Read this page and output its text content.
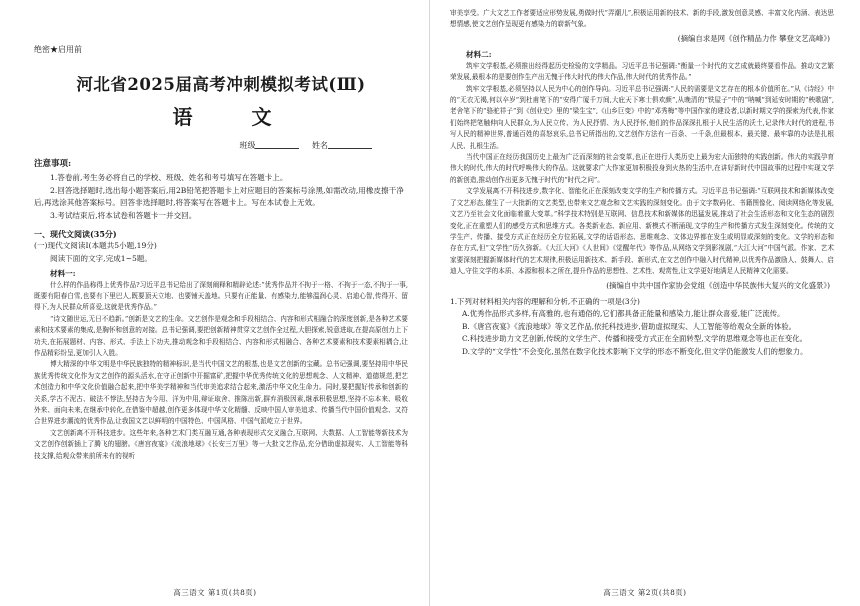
绝密★启用前

河北省2025届高考冲刺模拟考试(Ⅲ)

语 文

班级	姓名

注意事项:

1.答卷前,考生务必将自己的学校、班级、姓名和考号填写在答题卡上。

2.回答选择题时,选出每小题答案后,用2B铅笔把答题卡上对应题目的答案标号涂黑,如需改动,用橡皮擦干净后,再选涂其他答案标号。回答非选择题时,将答案写在答题卡上。写在本试卷上无效。

3.考试结束后,将本试卷和答题卡一并交回。

一、现代文阅读(35分)

(一)现代文阅读Ⅰ(本题共5小题,19分)

阅读下面的文字,完成1~5题。

材料一:

什么样的作品称得上优秀作品?习近平总书记给出了深刻阐释和精辟论述:“优秀作品并不拘于一格、不拘于一态,不拘于一事,既要有阳春白雪,也要有下里巴人,既要顶天立地、也要铺天盖地。只要有正能量、有感染力,能够温润心灵、启迪心智,传得开、留得下,为人民群众所喜爱,这就是优秀作品。”

“诗文随世运,无日不趋新。”创新是文艺的生命。文艺创作是观念和手段相结合、内容和形式相融合的深度创新,是各种艺术要素和技术要素的集成,是胸怀和创意的对接。总书记强调,要把创新精神贯穿文艺创作全过程,大胆探索,锐意进取,在提高原创力上下功夫,在拓展题材、内容、形式、手法上下功夫,推动观念和手段相结合、内容和形式相融合、各种艺术要素和技术要素相耦合,让作品精彩纷呈,更加引人入胜。

博大精深的中华文明是中华民族独特的精神标识,是当代中国文艺的根基,也是文艺创新的宝藏。总书记强调,要坚持用中华民族优秀传统文化作为文艺创作的源头活水,在守正创新中开掘富矿,把握中华优秀传统文化的思想观念、人文精神、道德规范,把艺术创造力和中华文化价值融合起来,把中华美学精神和当代审美追求结合起来,激活中华文化生命力。同时,要把握好传承和创新的关系,学古不泥古、破法不悖法,坚持古为今用、洋为中用,辩证取舍、推陈出新,摒弃消极因素,继承积极思想,坚持不忘本来、吸收外来、面向未来,在继承中转化,在借鉴中超越,创作更多体现中华文化精髓、反映中国人审美追求、传播当代中国价值观念、又符合世界进步潮流的优秀作品,让我国文艺以鲜明的中国特色、中国风格、中国气派屹立于世界。

文艺创新离不开科技进步。这些年来,各种艺术门类互融互通,各种表现形式交叉融合,互联网、大数据、人工智能等新技术为文艺创作创新插上了腾飞的翅膀。《唐宫夜宴》《流浪地球》《长安三万里》等一大批文艺作品,充分借助虚拟现实、人工智能等科技支撑,给观众带来前所未有的视听

高三语文 第1页(共8页)

审美享受。广大文艺工作者要适应形势发展,勇做时代“弄潮儿”,积极运用新的技术、新的手段,激发创意灵感、丰富文化内涵、表达思想情感,使文艺创作呈现更有感染力的崭新气象。

(摘编自求是网《创作精品力作 攀登文艺高峰》)

材料二:

筑牢文学根基,必须推出经得起历史检验的文学精品。习近平总书记强调:“衡量一个时代的文艺成就最终要看作品。推动文艺繁荣发展,最根本的是要创作生产出无愧于伟大时代的伟大作品,伟大时代的优秀作品。”

筑牢文学根基,必须坚持以人民为中心的创作导向。习近平总书记强调:“人民的需要是文艺存在的根本价值所在。”从《诗经》中的“无衣无褐,何以卒岁”到杜甫笔下的“安得广厦千万间,大庇天下寒士俱欢颜”,从晚清的“铁屋子”中的“呐喊”到延安时期的“秧歌剧”,老舍笔下的“骆驼祥子”到《创业史》里的“梁生宝”,《山乡巨变》中的“邓秀梅”等中国作家的建设者,以新时期文学的探索为代表,作家们始终把笔触伸向人民群众,为人民立传、为人民抒情、为人民抒怀,他们的作品深深扎根于人民生活的沃土,记录伟大时代的进程,书写人民的精神世界,普通百姓的喜怒哀乐,总书记所指出的,文艺创作方法有一百条、一千条,但最根本、最关键、最牢靠的办法是扎根人民、扎根生活。

当代中国正在经历我国历史上最为广泛而深刻的社会变革,也正在进行人类历史上最为宏大而独特的实践创新。伟大的实践孕育伟大的时代,伟大的时代呼唤伟大的作品。这就要求广大作家更加积极投身到火热的生活中,在讲好新时代中国故事的过程中实现文学的新创造,推动创作出更多无愧于时代的“时代之问”。

文学发展离不开科技进步,数字化、智能化正在深刻改变文学的生产和传播方式。习近平总书记强调:“互联网技术和新媒体改变了文艺形态,催生了一大批新的文艺类型,也带来文艺观念和文艺实践的深刻变化。由于文字数码化、书籍图像化、阅读网络化等发展,文艺乃至社会文化面临着重大变革。”科学技术特别是互联网、信息技术和新媒体的迅猛发展,推动了社会生活形态和文化生态的剧烈变化,正在重塑人们的感受方式和思维方式。各类新业态、新应用、新模式不断涌现,文学的生产和传播方式发生深刻变化。传统的文学生产、传播、接受方式正在经历全方位拓展,文学的话语形态、思维观念、文体边界都在发生或明显或深刻的变化。文学的形态和存在方式,但“文学性”历久弥新。《大江大河》《人世间》《觉醒年代》等作品,从网络文学到影视剧,“大江大河”中国气派。作家、艺术家要深刻把握新媒体时代的艺术规律,积极运用新技术、新手段、新形式,在文艺创作中融入时代精神,以优秀作品激励人、鼓舞人、启迪人,守住文学的本质、本源和根本之所在,提升作品的思想性、艺术性、观赏性,让文学更好地满足人民精神文化需要。

(摘编自中共中国作家协会党组《创造中华民族伟大复兴的文化盛景》)

1.下列对材料相关内容的理解和分析,不正确的一项是(3分)

A.优秀作品形式多样,有高雅的,也有通俗的,它们都具备正能量和感染力,能让群众喜爱,能广泛流传。

B.《唐宫夜宴》《流浪地球》等文艺作品,依托科技进步,借助虚拟现实、人工智能等给观众全新的体验。

C.科技进步助力文艺创新,传统的文学生产、传播和接受方式正在全面转型,文学的思维观念等也正在变化。

D.文学的“文学性”不会变化,虽然在数字化技术影响下文学的形态不断变化,但文学仍能激发人们的想象力。

高三语文 第2页(共8页)
